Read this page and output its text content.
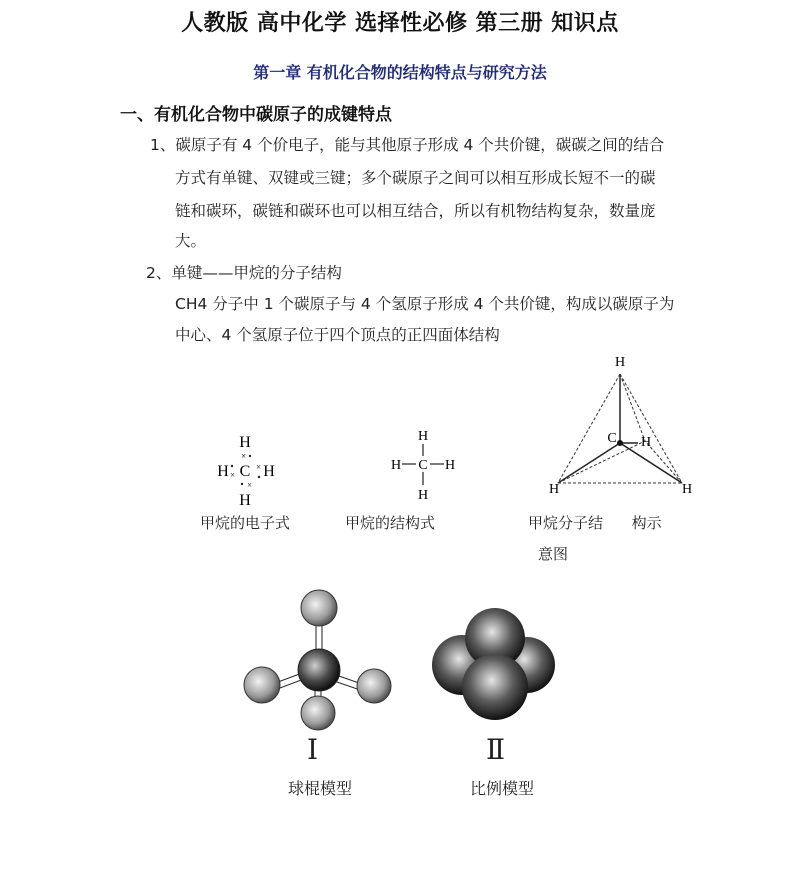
人教版 高中化学 选择性必修 第三册 知识点
第一章 有机化合物的结构特点与研究方法
一、有机化合物中碳原子的成键特点
1、碳原子有 4 个价电子，能与其他原子形成 4 个共价键，碳碳之间的结合
方式有单键、双键或三键；多个碳原子之间可以相互形成长短不一的碳
链和碳环，碳链和碳环也可以相互结合，所以有机物结构复杂，数量庞
大。
2、单键——甲烷的分子结构
CH4 分子中 1 个碳原子与 4 个氢原子形成 4 个共价键，构成以碳原子为
中心、4 个氢原子位于四个顶点的正四面体结构
H
C
H H
H
×
×
×
×
甲烷的电子式
H
C
H	H
H
甲烷的结构式
H
C H
H	H
甲烷分子结      构示
意图
Ⅰ
球棍模型
Ⅱ
比例模型
